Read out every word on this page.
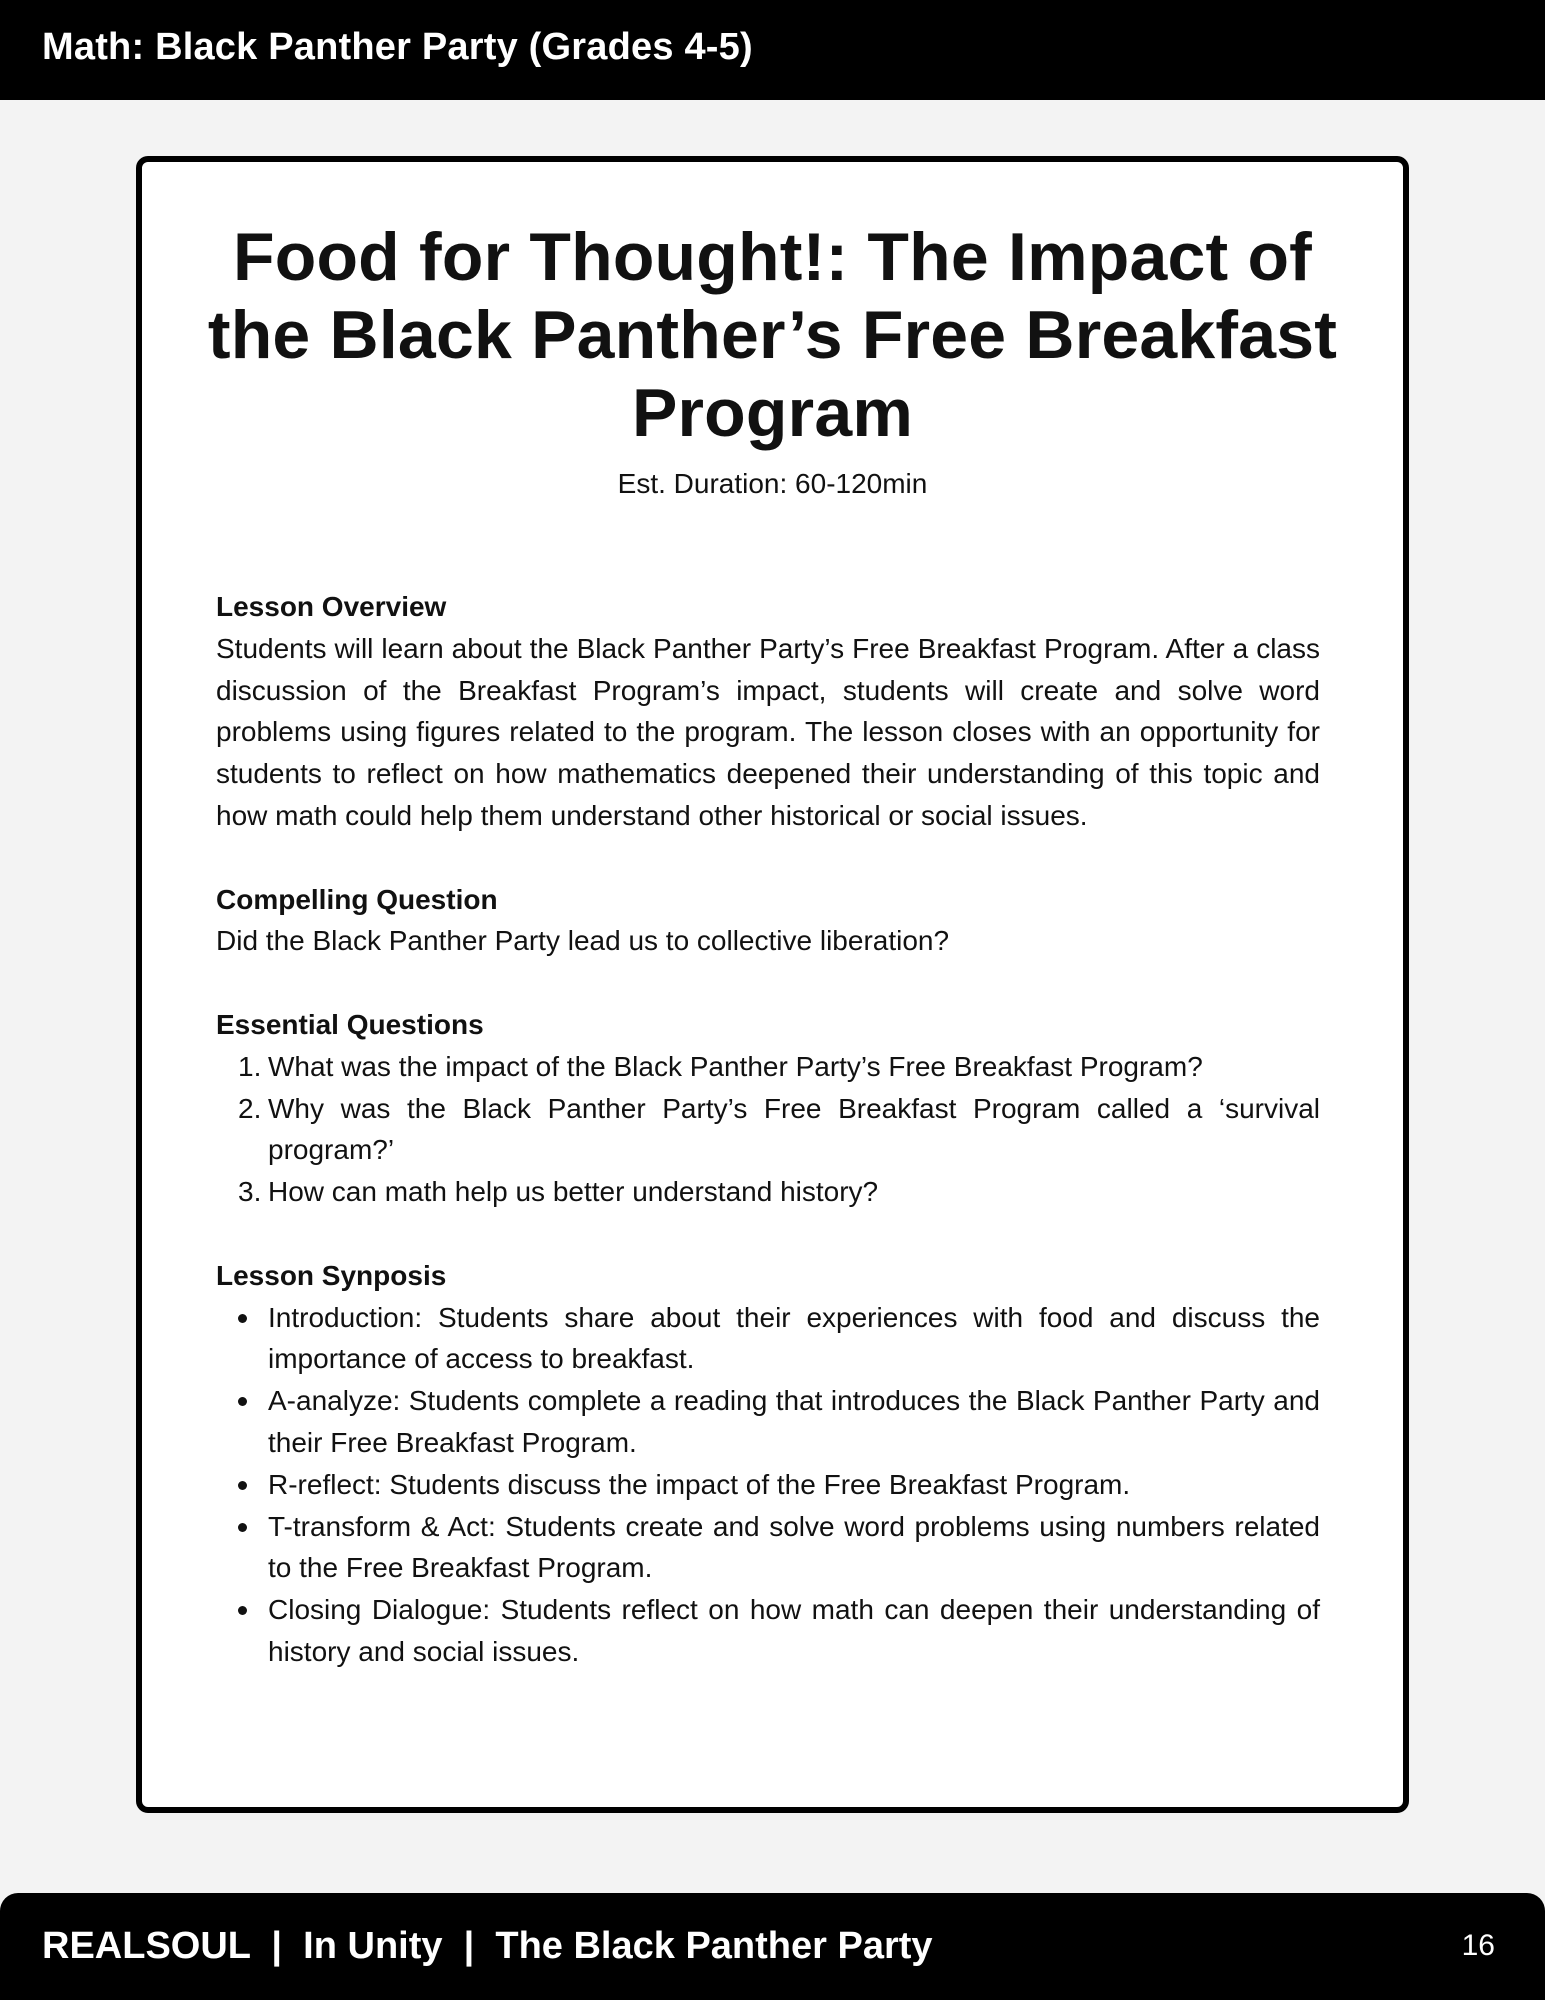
Math: Black Panther Party (Grades 4-5)
Food for Thought!: The Impact of the Black Panther’s Free Breakfast Program
Est. Duration: 60-120min

Lesson Overview

Students will learn about the Black Panther Party’s Free Breakfast Program. After a class discussion of the Breakfast Program’s impact, students will create and solve word problems using figures related to the program. The lesson closes with an opportunity for students to reflect on how mathematics deepened their understanding of this topic and how math could help them understand other historical or social issues.

Compelling Question

Did the Black Panther Party lead us to collective liberation?

Essential Questions

1. What was the impact of the Black Panther Party’s Free Breakfast Program?
2. Why was the Black Panther Party’s Free Breakfast Program called a ‘survival program?’
3. How can math help us better understand history?

Lesson Synposis

Introduction: Students share about their experiences with food and discuss the importance of access to breakfast.
A-analyze: Students complete a reading that introduces the Black Panther Party and their Free Breakfast Program.
R-reflect: Students discuss the impact of the Free Breakfast Program.
T-transform & Act: Students create and solve word problems using numbers related to the Free Breakfast Program.
Closing Dialogue: Students reflect on how math can deepen their understanding of history and social issues.
REALSOUL  |  In Unity  |  The Black Panther Party	16
